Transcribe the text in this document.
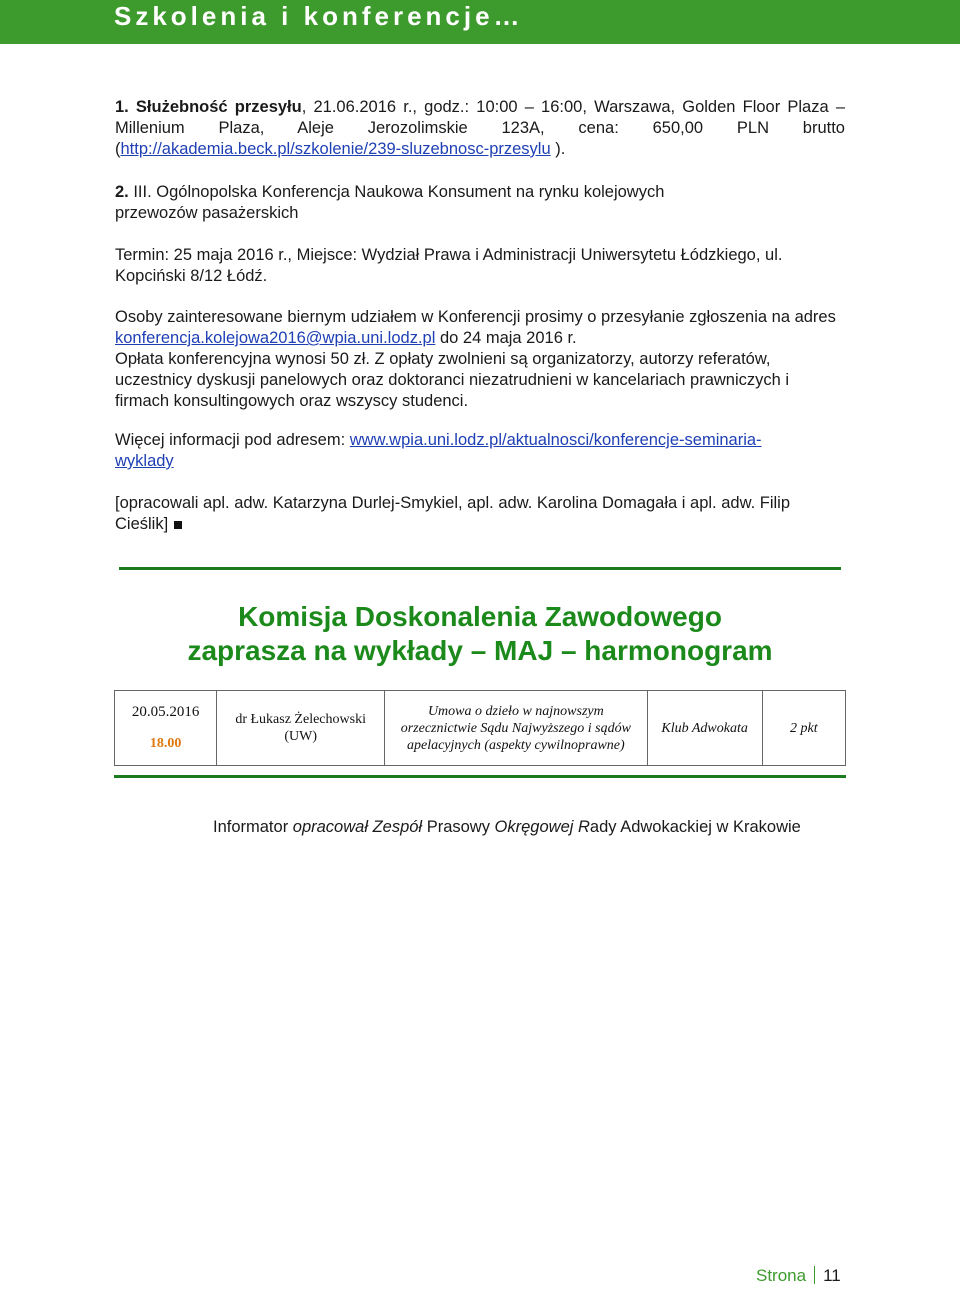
Szkolenia i konferencje…
1. Służebność przesyłu, 21.06.2016 r., godz.: 10:00 – 16:00, Warszawa, Golden Floor Plaza – Millenium Plaza, Aleje Jerozolimskie 123A, cena: 650,00 PLN brutto (http://akademia.beck.pl/szkolenie/239-sluzebnosc-przesylu ).
2. III. Ogólnopolska Konferencja Naukowa Konsument na rynku kolejowych przewozów pasażerskich
Termin: 25 maja 2016 r., Miejsce: Wydział Prawa i Administracji Uniwersytetu Łódzkiego, ul. Kopciński 8/12 Łódź.
Osoby zainteresowane biernym udziałem w Konferencji prosimy o przesyłanie zgłoszenia na adres konferencja.kolejowa2016@wpia.uni.lodz.pl do 24 maja 2016 r.
Opłata konferencyjna wynosi 50 zł. Z opłaty zwolnieni są organizatorzy, autorzy referatów, uczestnicy dyskusji panelowych oraz doktoranci niezatrudnieni w kancelariach prawniczych i firmach konsultingowych oraz wszyscy studenci.
Więcej informacji pod adresem: www.wpia.uni.lodz.pl/aktualnosci/konferencje-seminaria-wyklady
[opracowali apl. adw. Katarzyna Durlej-Smykiel, apl. adw. Karolina Domagała i apl. adw. Filip Cieślik]
Komisja Doskonalenia Zawodowego
zaprasza na wykłady – MAJ – harmonogram
20.05.2016
18.00
	dr Łukasz Żelechowski (UW)	Umowa o dzieło w najnowszym orzecznictwie Sądu Najwyższego i sądów apelacyjnych (aspekty cywilnoprawne)	Klub Adwokata	2 pkt
Informator opracował Zespół Prasowy Okręgowej Rady Adwokackiej w Krakowie
Strona 11
